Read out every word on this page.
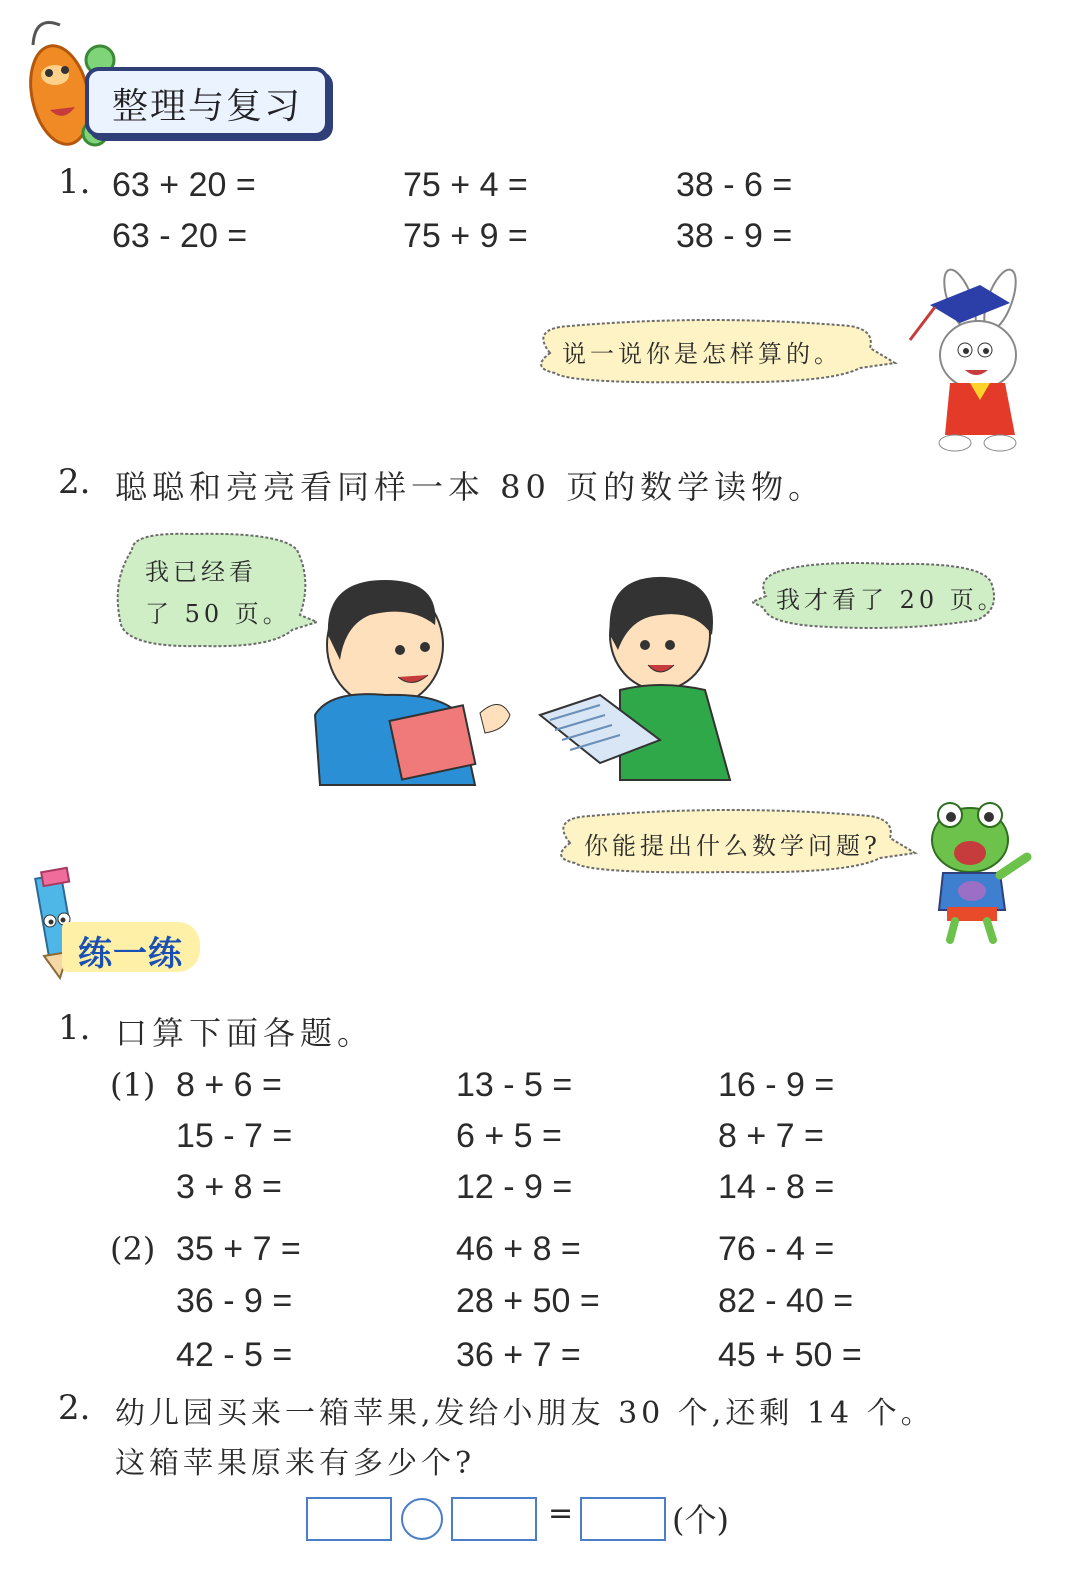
整理与复习
1. 63 + 20 =	75 + 4 =	38 - 6 =
63 - 20 =	75 + 9 =	38 - 9 =
说一说你是怎样算的。
2. 聪聪和亮亮看同样一本 80 页的数学读物。
我已经看
了 50 页。	我才看了 20 页。
你能提出什么数学问题?
练一练
1. 口算下面各题。
(1) 8 + 6 =	13 - 5 =	16 - 9 =
15 - 7 =	6 + 5 =	8 + 7 =
3 + 8 =	12 - 9 =	14 - 8 =
(2) 35 + 7 =	46 + 8 =	76 - 4 =
36 - 9 =	28 + 50 =	82 - 40 =
42 - 5 =	36 + 7 =	45 + 50 =
2. 幼儿园买来一箱苹果,发给小朋友 30 个,还剩 14 个。
这箱苹果原来有多少个?
=	(个)
